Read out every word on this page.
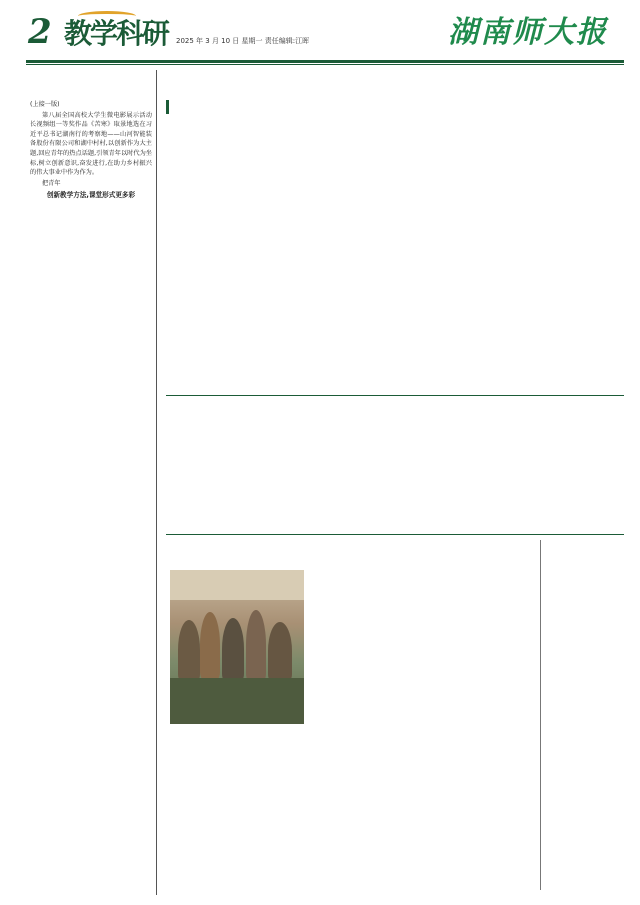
2 教学科研 2025 年 3 月 10 日 星期一 责任编辑:江晖	湖南师大报

(上接一版)

第八届全国高校大学生微电影展示活动长视频组一等奖作品《苦寒》取景地选在习近平总书记湖南行的考察地——山河智能装备股份有限公司和湖中村村,以创新作为大主题,回应青年的热点话题,引领青年以时代为坐标,树立创新意识,奋发进行,在助力乡村振兴的伟大事业中作为作为。

把青年

创新教学方法,课堂形式更多彩
